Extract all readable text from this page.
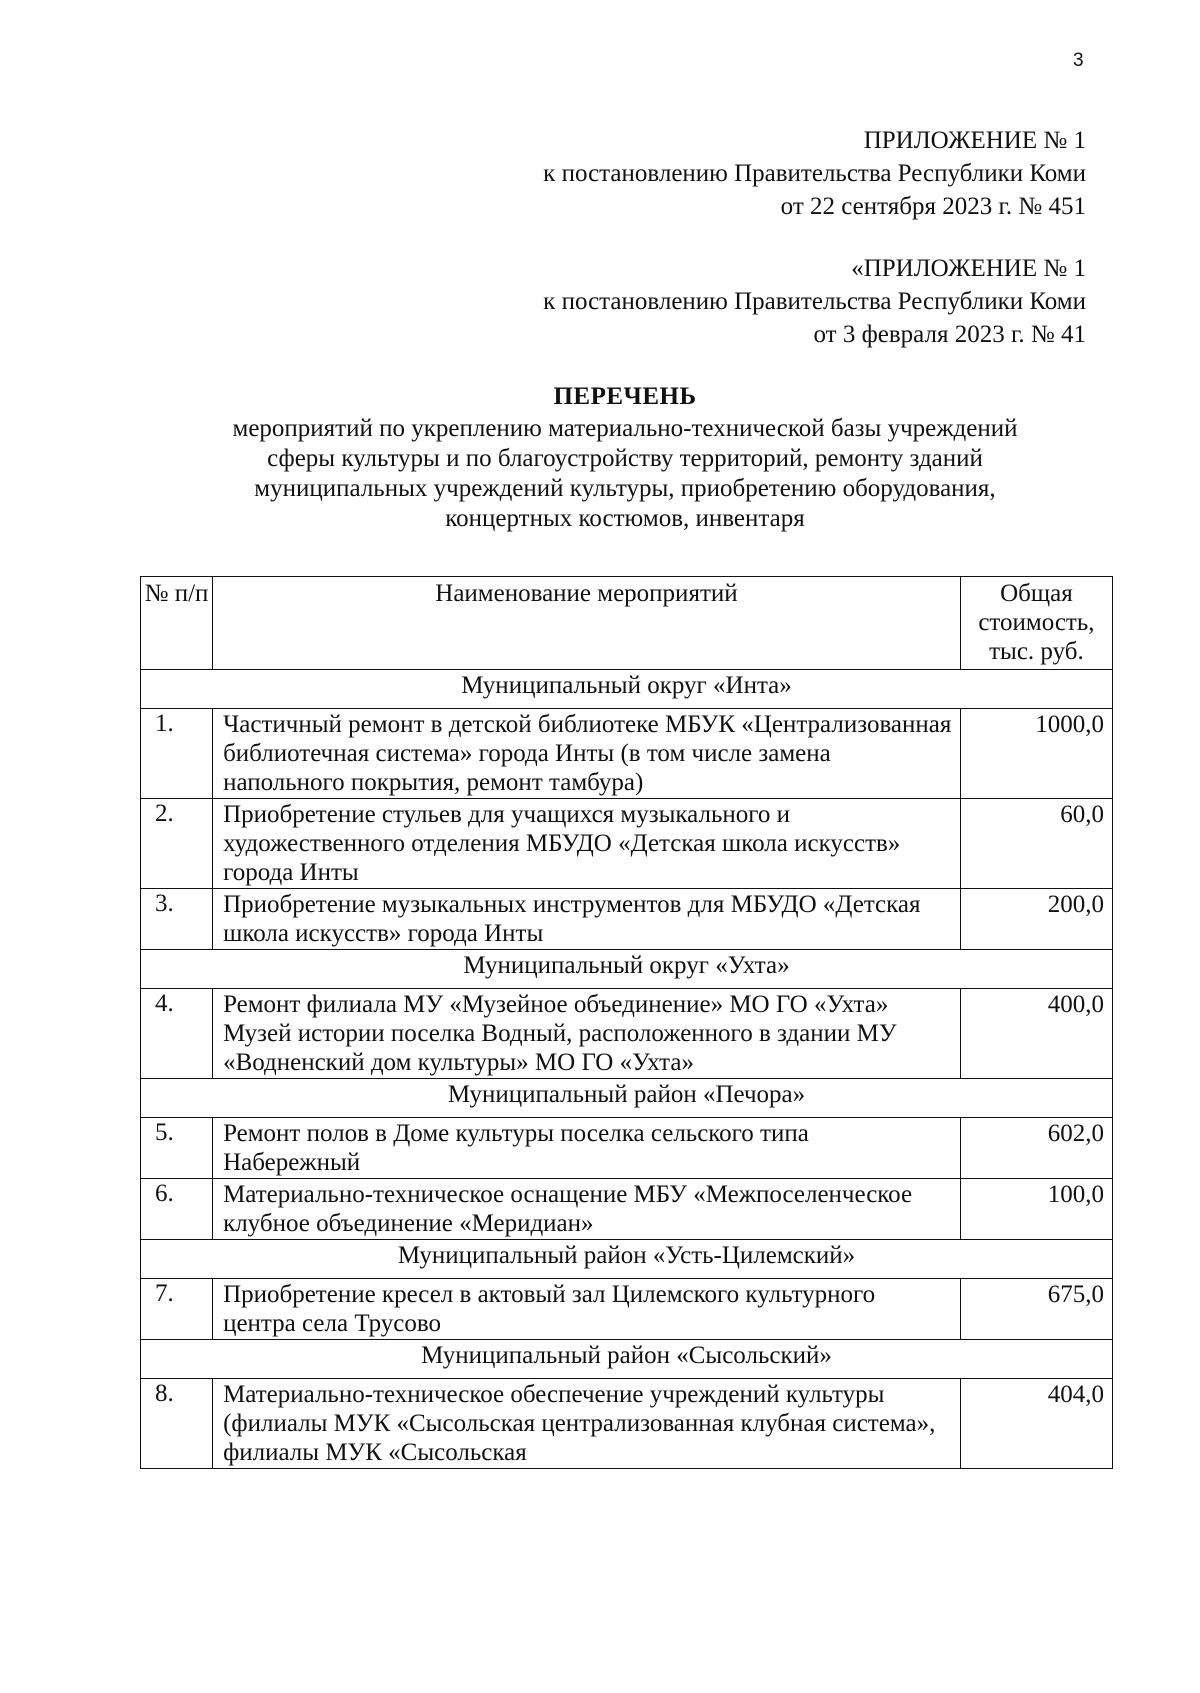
3
ПРИЛОЖЕНИЕ № 1
к постановлению Правительства Республики Коми
от 22 сентября 2023 г. № 451
«ПРИЛОЖЕНИЕ № 1
к постановлению Правительства Республики Коми
от 3 февраля 2023 г. № 41
ПЕРЕЧЕНЬ
мероприятий по укреплению материально-технической базы учреждений
сферы культуры и по благоустройству территорий, ремонту зданий
муниципальных учреждений культуры, приобретению оборудования,
концертных костюмов, инвентаря
№ п/п	Наименование мероприятий	Общая стоимость, тыс. руб.
Муниципальный округ «Инта»		
1.	Частичный ремонт в детской библиотеке МБУК «Централизованная библиотечная система» города Инты (в том числе замена напольного покрытия, ремонт тамбура)	1000,0
2.	Приобретение стульев для учащихся музыкального и художественного отделения МБУДО «Детская школа искусств» города Инты	60,0
3.	Приобретение музыкальных инструментов для МБУДО «Детская школа искусств» города Инты	200,0
Муниципальный округ «Ухта»		
4.	Ремонт филиала МУ «Музейное объединение» МО ГО «Ухта» Музей истории поселка Водный, расположенного в здании МУ «Водненский дом культуры» МО ГО «Ухта»	400,0
Муниципальный район «Печора»		
5.	Ремонт полов в Доме культуры поселка сельского типа Набережный	602,0
6.	Материально-техническое оснащение МБУ «Межпоселенческое клубное объединение «Меридиан»	100,0
Муниципальный район «Усть-Цилемский»		
7.	Приобретение кресел в актовый зал Цилемского культурного центра села Трусово	675,0
Муниципальный район «Сысольский»		
8.	Материально-техническое обеспечение учреждений культуры (филиалы МУК «Сысольская централизованная клубная система», филиалы МУК «Сысольская	404,0
